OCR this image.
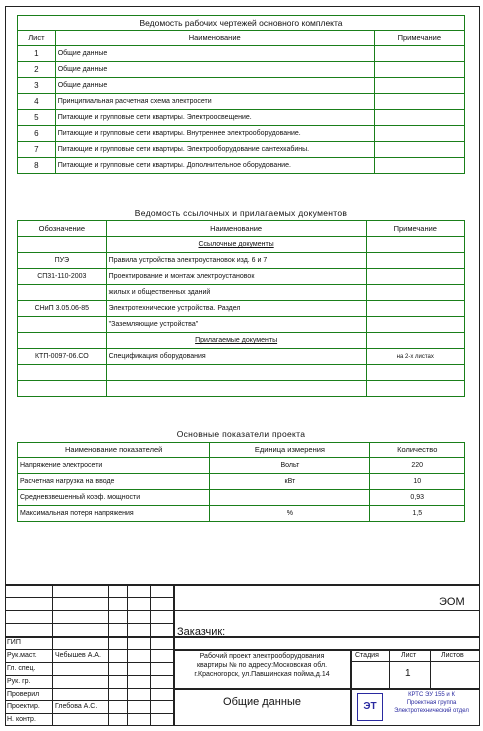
Ведомость рабочих чертежей основного комплекта		
Лист	Наименование	Примечание
1	Общие данные	
2	Общие данные	
3	Общие данные	
4	Принципиальная расчетная схема электросети	
5	Питающие и групповые сети квартиры. Электроосвещение.	
6	Питающие и групповые сети квартиры. Внутреннее электрооборудование.	
7	Питающие и групповые сети квартиры. Электрооборудование сантехкабины.	
8	Питающие и групповые сети квартиры. Дополнительное оборудование.	
Ведомость ссылочных и прилагаемых документов
Обозначение	Наименование	Примечание
	Ссылочные документы	
ПУЭ	Правила устройства электроустановок изд. 6 и 7	
СП31-110-2003	Проектирование и монтаж электроустановок	
	жилых и общественных зданий	
СНиП 3.05.06-85	Электротехнические устройства. Раздел	
	"Заземляющие устройства"	
	Прилагаемые документы	
КТП-0097-06.СО	Спецификация оборудования	на 2-х листах

Основные показатели проекта
Наименование показателей	Единица измерения	Количество
Напряжение электросети	Вольт	220
Расчетная нагрузка на вводе	кВт	10
Средневзвешенный коэф. мощности		0,93
Максимальная потеря напряжения	%	1,5
ЭОМ
Заказчик:
Рабочий проект электрооборудования
квартиры № по адресу:Московская обл.
г.Красногорск, ул.Павшинская пойма,д.14
Общие данные
Стадия	Лист	Листов
1
ЭТ
КРТС ЭУ 155 и К
Проектная группа
Электротехнический отдел
ГИП
Рук.маст.	Чебышев А.А.
Гл. спец.
Рук. гр.
Проверил
Проектир. Глебова А.С.
Н. контр.
